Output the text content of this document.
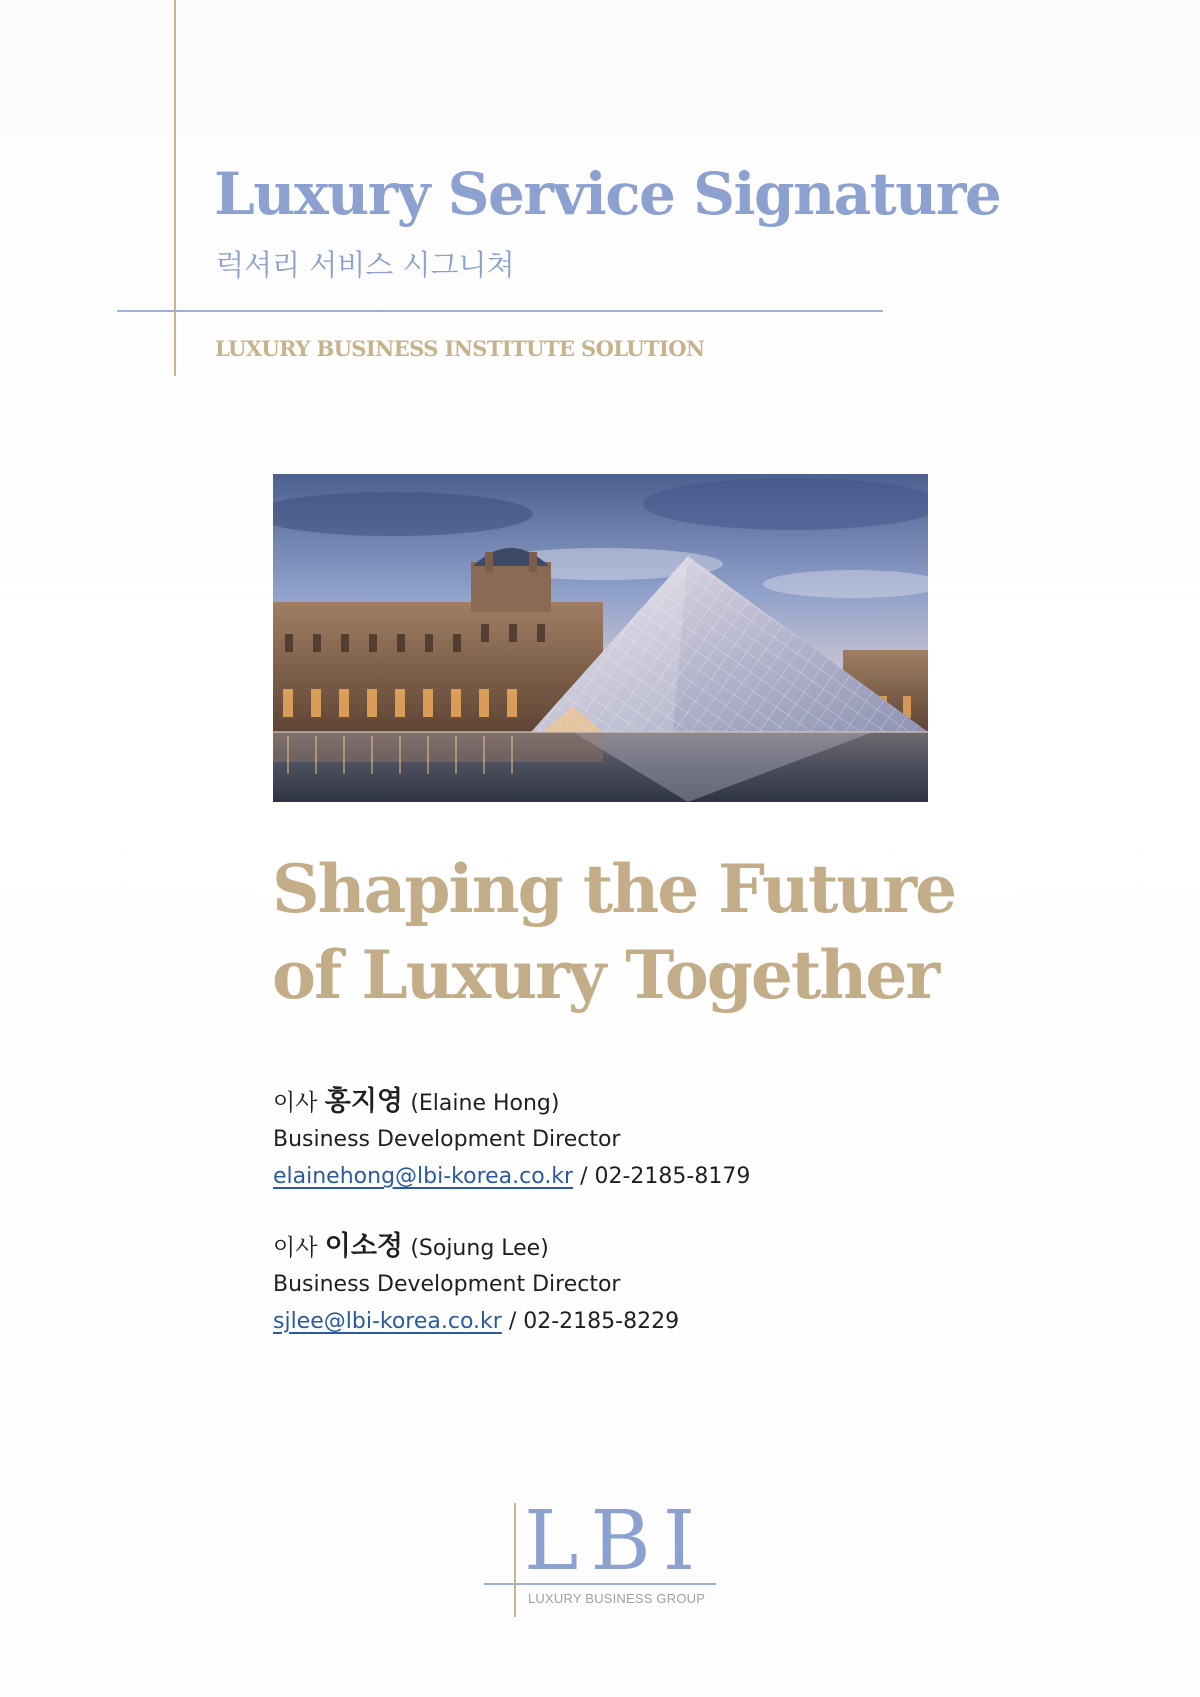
Luxury Service Signature
럭셔리 서비스 시그니쳐
LUXURY BUSINESS INSTITUTE SOLUTION
Shaping the Future
of Luxury Together
이사 홍지영 (Elaine Hong)
Business Development Director
elainehong@lbi-korea.co.kr / 02-2185-8179
이사 이소정 (Sojung Lee)
Business Development Director
sjlee@lbi-korea.co.kr / 02-2185-8229
LBI
LUXURY BUSINESS GROUP
